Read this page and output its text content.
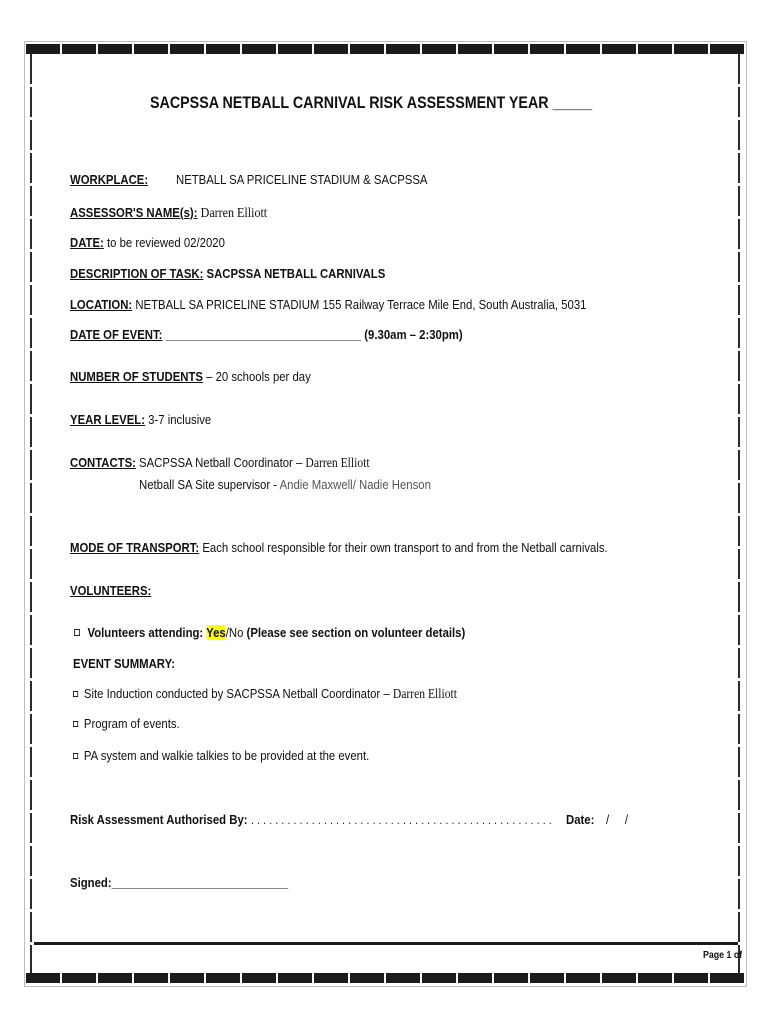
SACPSSA NETBALL CARNIVAL RISK ASSESSMENT YEAR _____
WORKPLACE: NETBALL SA PRICELINE STADIUM & SACPSSA
ASSESSOR'S NAME(s): Darren Elliott
DATE: to be reviewed 02/2020
DESCRIPTION OF TASK: SACPSSA NETBALL CARNIVALS
LOCATION: NETBALL SA PRICELINE STADIUM 155 Railway Terrace Mile End, South Australia, 5031
DATE OF EVENT: _______________________________ (9.30am – 2:30pm)
NUMBER OF STUDENTS – 20 schools per day
YEAR LEVEL: 3-7 inclusive
CONTACTS: SACPSSA Netball Coordinator – Darren Elliott
Netball SA Site supervisor - Andie Maxwell/ Nadie Henson
MODE OF TRANSPORT: Each school responsible for their own transport to and from the Netball carnivals.
VOLUNTEERS:
Volunteers attending: Yes/No (Please see section on volunteer details)
EVENT SUMMARY:
Site Induction conducted by SACPSSA Netball Coordinator – Darren Elliott
Program of events.
PA system and walkie talkies to be provided at the event.
Risk Assessment Authorised By: . . . . . . . . . . . . . . . . . . . . . . . . . . . . . . . . . . . . . . . . . . . . . . . . . . Date: /     /
Signed:____________________________
Page 1 of
